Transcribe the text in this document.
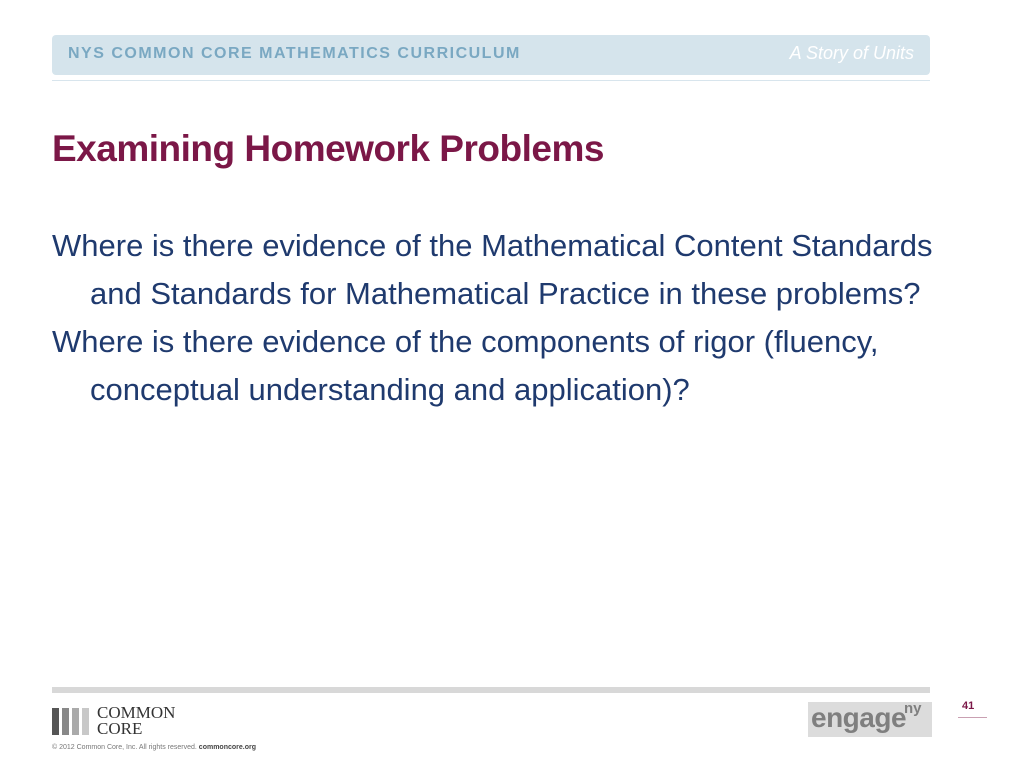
NYS COMMON CORE MATHEMATICS CURRICULUM	A Story of Units
Examining Homework Problems

Where is there evidence of the Mathematical Content Standards and Standards for Mathematical Practice in these problems?

Where is there evidence of the components of rigor (fluency, conceptual understanding and application)?

COMMON
CORE
© 2012 Common Core, Inc. All rights reserved. commoncore.org
engage
ny	41
